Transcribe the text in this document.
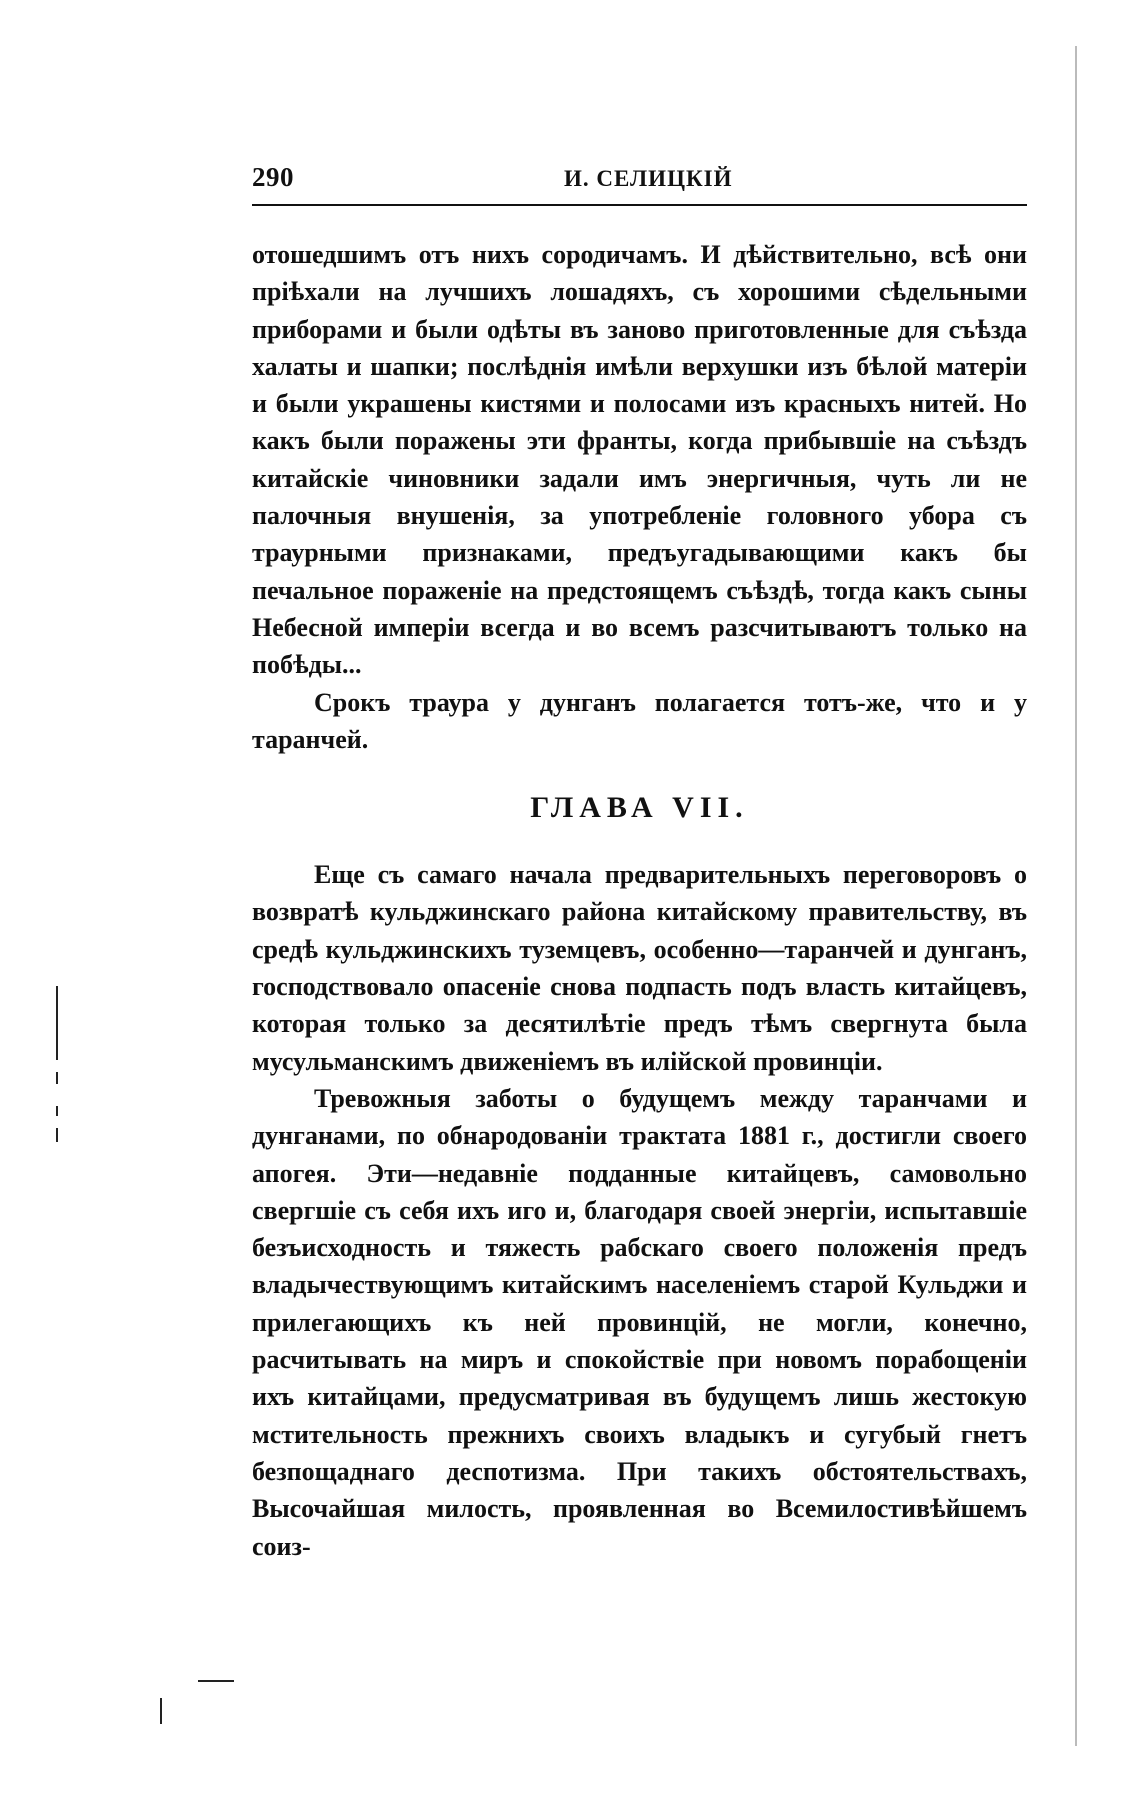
290	И. СЕЛИЦКІЙ

отошедшимъ отъ нихъ сородичамъ. И дѣйствительно, всѣ они пріѣхали на лучшихъ лошадяхъ, съ хорошими сѣдельными приборами и были одѣты въ заново приготовленные для съѣзда халаты и шапки; послѣднія имѣли верхушки изъ бѣлой матеріи и были украшены кистями и полосами изъ красныхъ нитей. Но какъ были поражены эти франты, когда прибывшіе на съѣздъ китайскіе чиновники задали имъ энергичныя, чуть ли не палочныя внушенія, за употребленіе головного убора съ траурными признаками, предъугадывающими какъ бы печальное пораженіе на предстоящемъ съѣздѣ, тогда какъ сыны Небесной имперіи всегда и во всемъ разсчитываютъ только на побѣды...

Срокъ траура у дунганъ полагается тотъ-же, что и у таранчей.

ГЛАВА VII.

Еще съ самаго начала предварительныхъ переговоровъ о возвратѣ кульджинскаго района китайскому правительству, въ средѣ кульджинскихъ туземцевъ, особенно—таранчей и дунганъ, господствовало опасеніе снова подпасть подъ власть китайцевъ, которая только за десятилѣтіе предъ тѣмъ свергнута была мусульманскимъ движеніемъ въ илійской провинціи.

Тревожныя заботы о будущемъ между таранчами и дунганами, по обнародованіи трактата 1881 г., достигли своего апогея. Эти—недавніе подданные китайцевъ, самовольно свергшіе съ себя ихъ иго и, благодаря своей энергіи, испытавшіе безъисходность и тяжесть рабскаго своего положенія предъ владычествующимъ китайскимъ населеніемъ старой Кульджи и прилегающихъ къ ней провинцій, не могли, конечно, расчитывать на миръ и спокойствіе при новомъ порабощеніи ихъ китайцами, предусматривая въ будущемъ лишь жестокую мстительность прежнихъ своихъ владыкъ и сугубый гнетъ безпощаднаго деспотизма. При такихъ обстоятельствахъ, Высочайшая милость, проявленная во Всемилостивѣйшемъ соиз-
